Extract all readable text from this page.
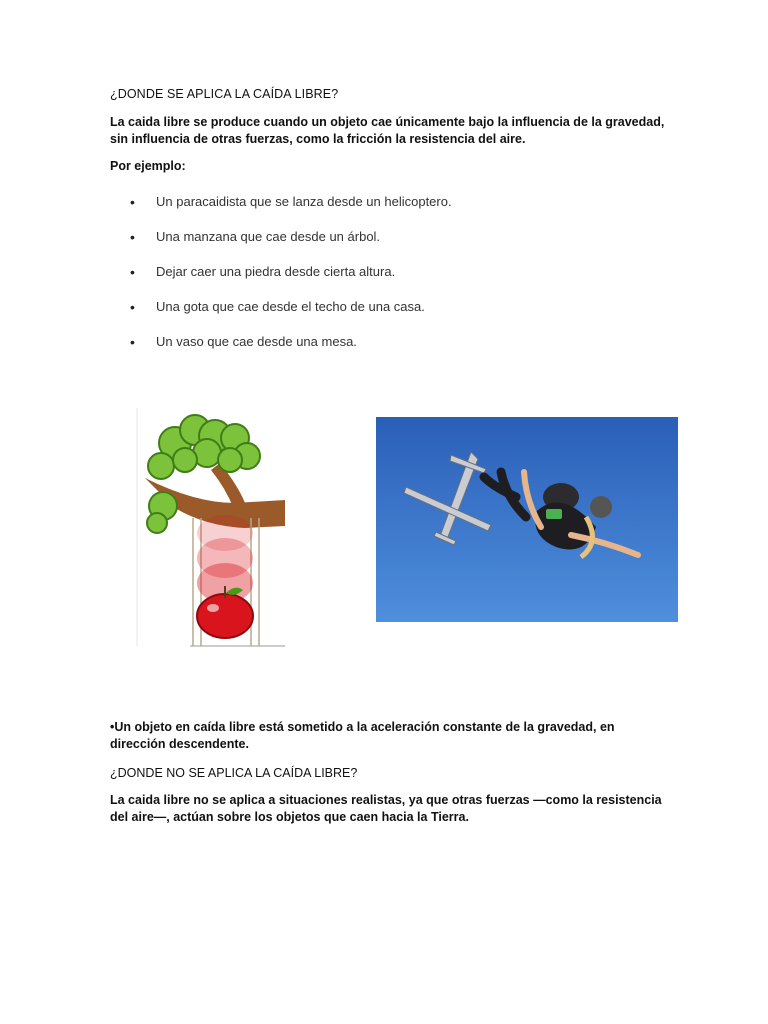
¿DONDE SE APLICA LA CAÍDA LIBRE?
La caida libre se produce cuando un objeto cae únicamente bajo la influencia de la gravedad, sin influencia de otras fuerzas, como la fricción la resistencia del aire.
Por ejemplo:
• Un paracaidista que se lanza desde un helicoptero.
• Una manzana que cae desde un árbol.
• Dejar caer una piedra desde cierta altura.
• Una gota que cae desde el techo de una casa.
• Un vaso que cae desde una mesa.
•Un objeto en caída libre está sometido a la aceleración constante de la gravedad, en dirección descendente.
¿DONDE NO SE APLICA LA CAÍDA LIBRE?
La caida libre no se aplica a situaciones realistas, ya que otras fuerzas —como la resistencia del aire—, actúan sobre los objetos que caen hacia la Tierra.
